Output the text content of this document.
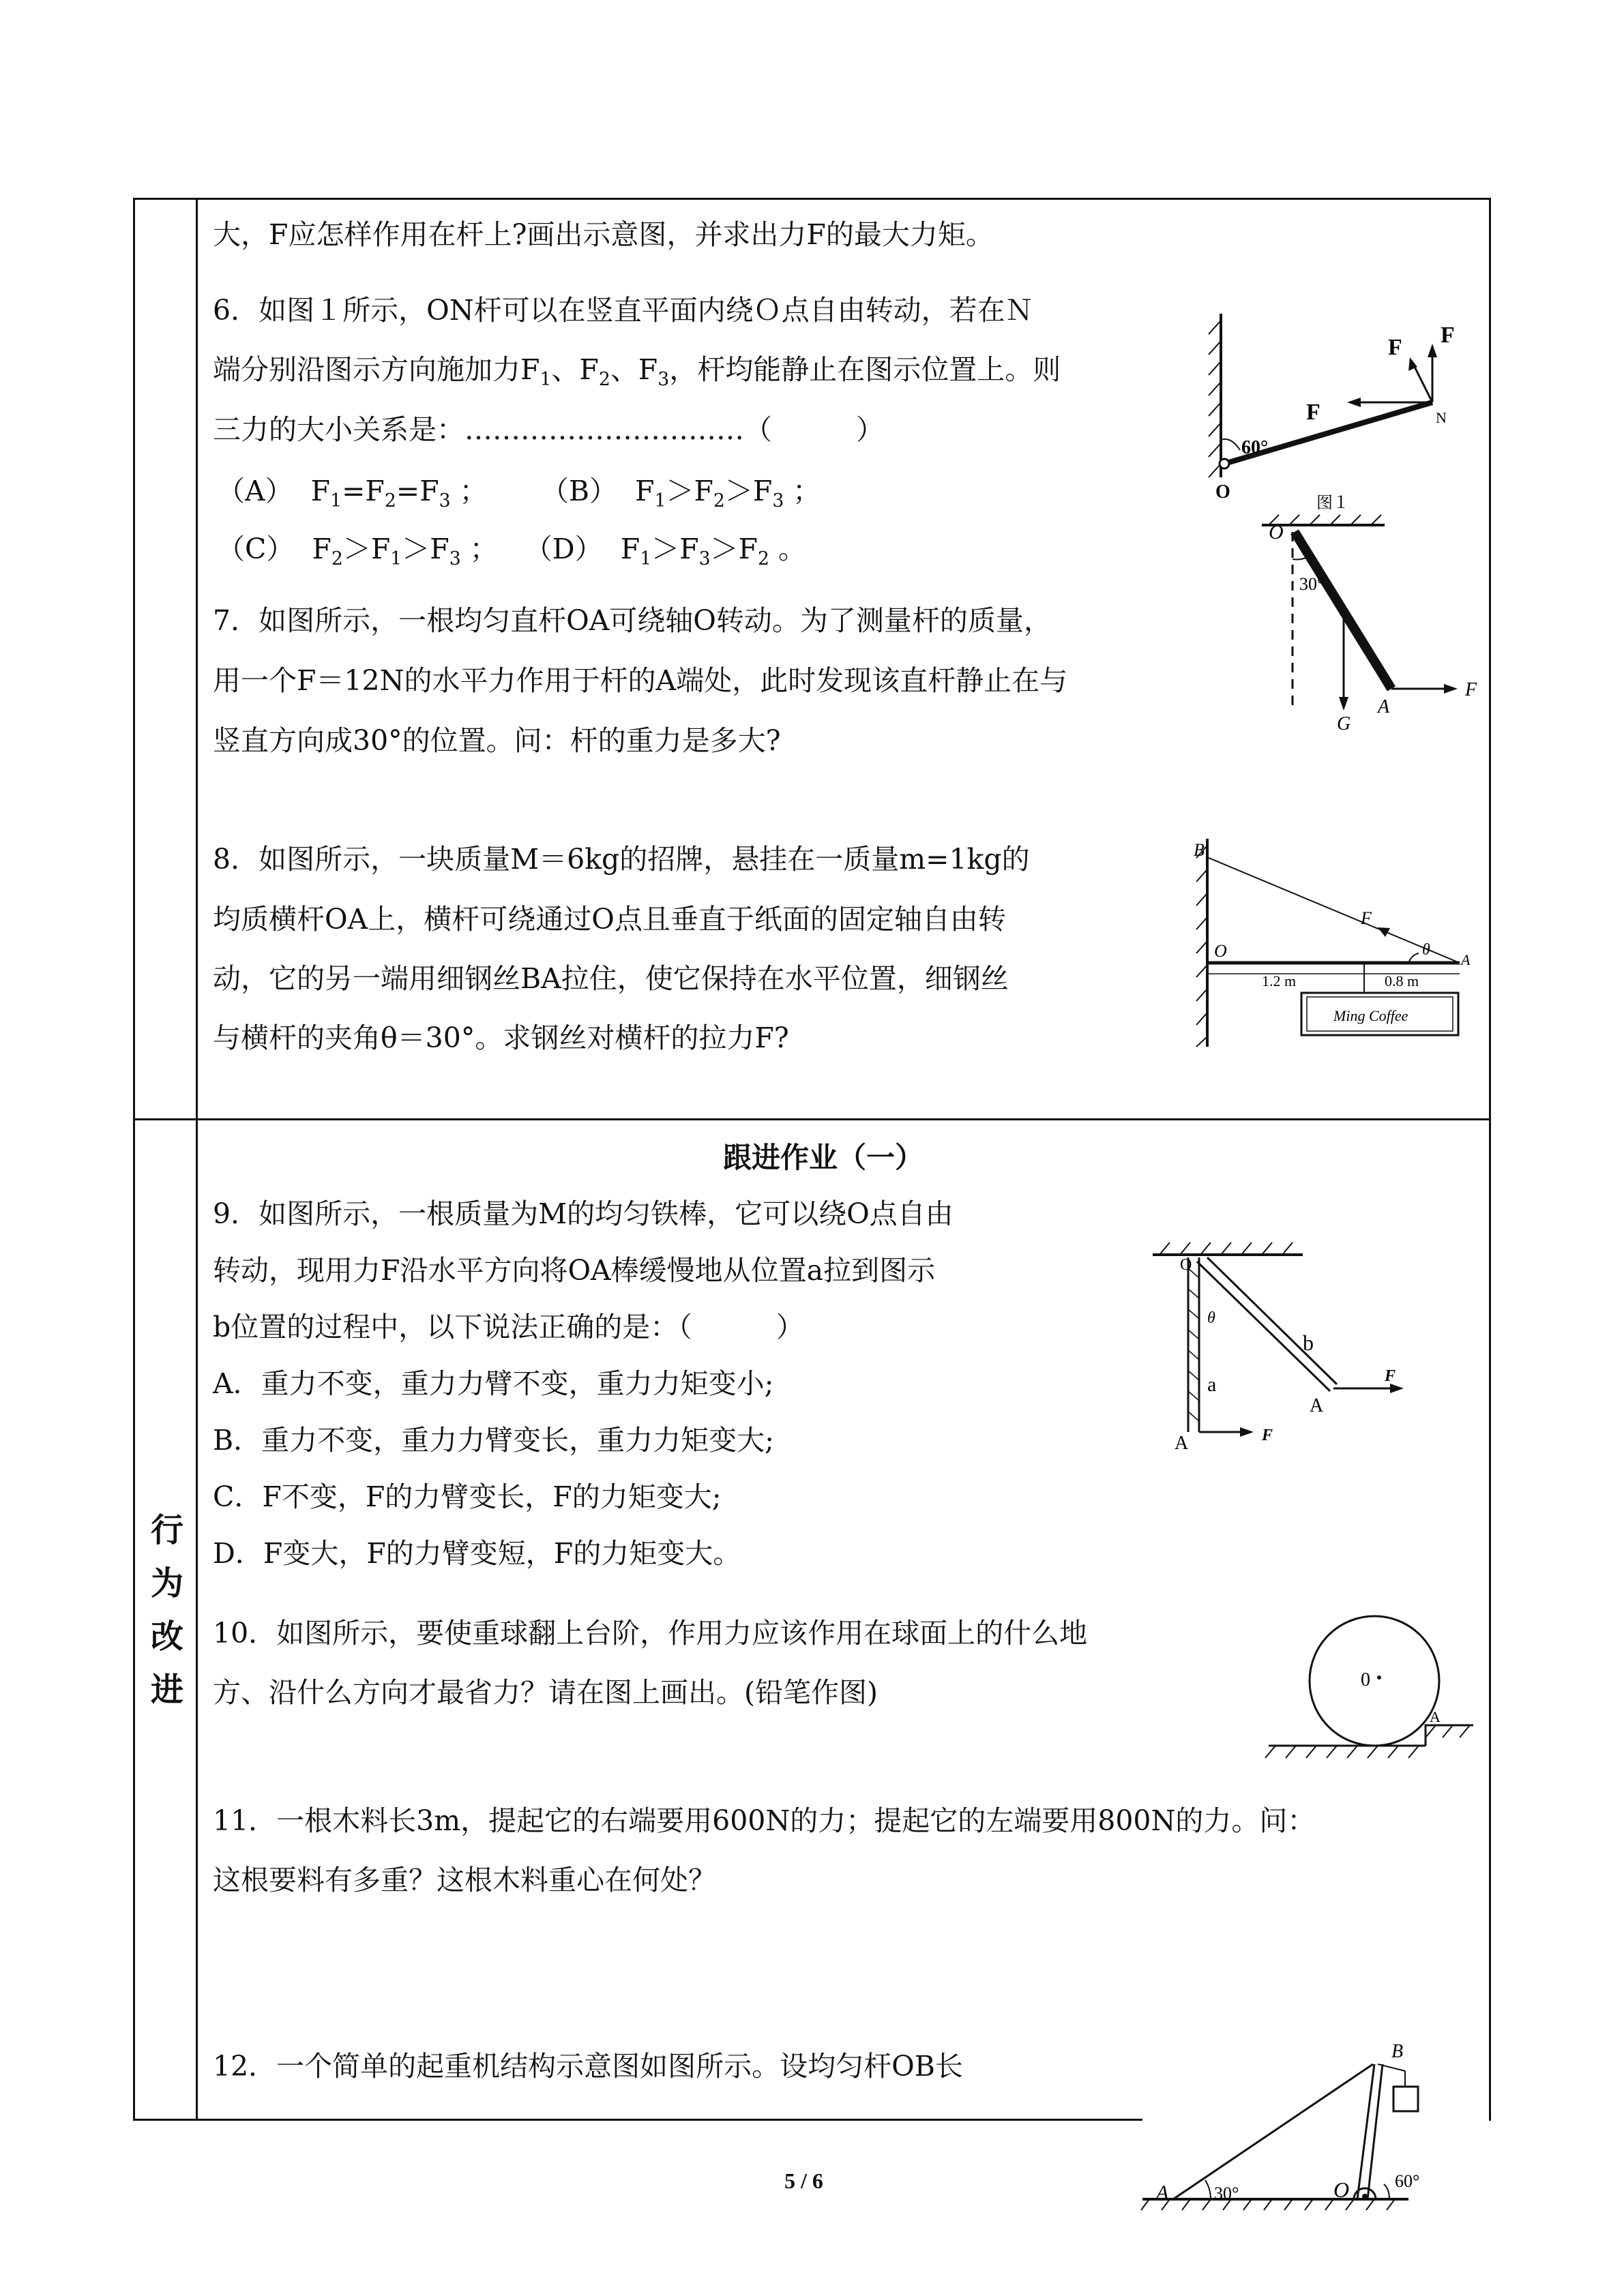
大，F应怎样作用在杆上?画出示意图，并求出力F的最大力矩。
6．如图１所示，ON杆可以在竖直平面内绕Ｏ点自由转动，若在Ｎ
端分别沿图示方向施加力$F_1$、$F_2$、$F_3$，杆均能静止在图示位置上。则
三力的大小关系是：…………………………（　　　）
（A）  $F_1=F_2=F_3$ ；      （B）  $F_1>F_2>F_3$ ；
（C）  $F_2>F_1>F_3$ ；   （D）  $F_1>F_3>F_2$ 。
F
F F
60°
O
N
图１
7．如图所示，一根均匀直杆OA可绕轴O转动。为了测量杆的质量，
用一个F＝12N的水平力作用于杆的A端处，此时发现该直杆静止在与
竖直方向成30°的位置。问：杆的重力是多大?
O
30°
G
A
F
8．如图所示，一块质量M＝6kg的招牌，悬挂在一质量m=1kg的
均质横杆OA上，横杆可绕通过O点且垂直于纸面的固定轴自由转
动，它的另一端用细钢丝BA拉住，使它保持在水平位置，细钢丝
与横杆的夹角θ＝30°。求钢丝对横杆的拉力F?
B
F
θ
O	A
1.2 m	0.8 m
Ming Coffee
行
为
改
进
跟进作业（一）
9．如图所示，一根质量为M的均匀铁棒，它可以绕O点自由
转动，现用力F沿水平方向将OA棒缓慢地从位置a拉到图示
b位置的过程中，以下说法正确的是：（　　　）
A．重力不变，重力力臂不变，重力力矩变小;
B．重力不变，重力力臂变长，重力力矩变大;
C．F不变，F的力臂变长，F的力矩变大;
D．F变大，F的力臂变短，F的力矩变大。
O
θ
b
a
A
A
F
F
10．如图所示，要使重球翻上台阶，作用力应该作用在球面上的什么地
方、沿什么方向才最省力？请在图上画出。(铅笔作图)	0
A
11．一根木料长3m，提起它的右端要用600N的力；提起它的左端要用800N的力。问：
这根要料有多重？这根木料重心在何处？
12．一个简单的起重机结构示意图如图所示。设均匀杆OB长	B
A	30°	O	60°
5 / 6
